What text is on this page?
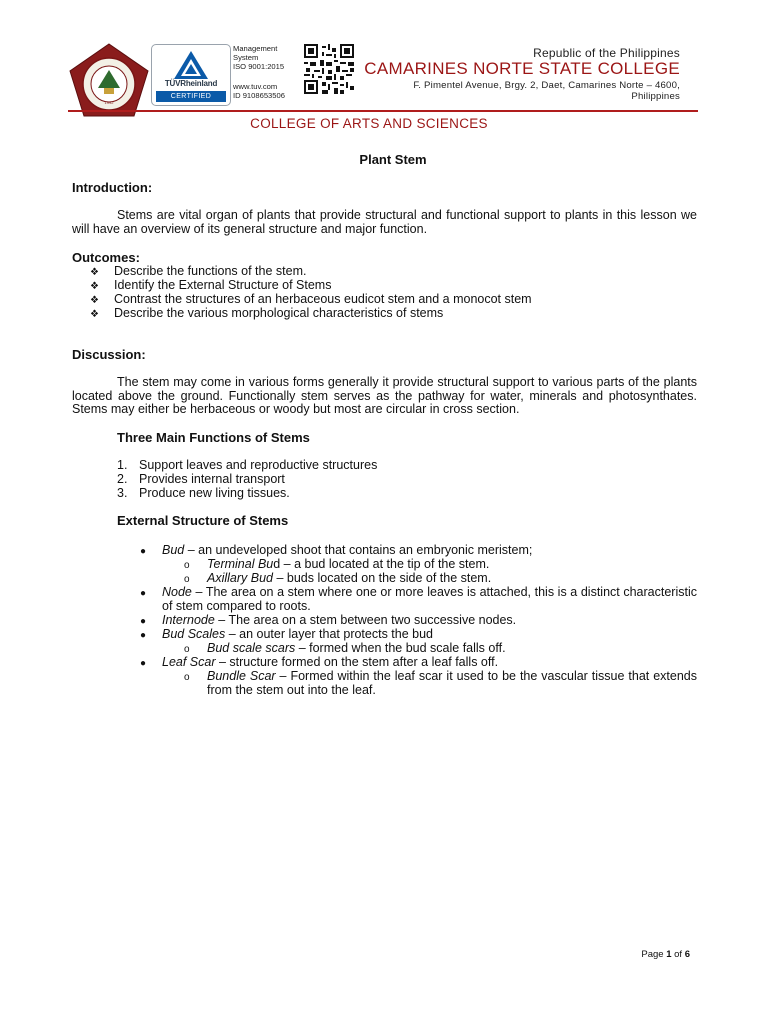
1992
TÜVRheinland
CERTIFIED
Management
System
ISO 9001:2015
www.tuv.com
ID 9108653506
Republic of the Philippines
CAMARINES NORTE STATE COLLEGE
F. Pimentel Avenue, Brgy. 2, Daet, Camarines Norte – 4600,
Philippines
COLLEGE OF ARTS AND SCIENCES
Plant Stem
Introduction:
Stems are vital organ of plants that provide structural and functional support to plants in this lesson we will have an overview of its general structure and major function.
Outcomes:
❖ Describe the functions of the stem.
❖ Identify the External Structure of Stems
❖ Contrast the structures of an herbaceous eudicot stem and a monocot stem
❖ Describe the various morphological characteristics of stems
Discussion:
The stem may come in various forms generally it provide structural support to various parts of the plants located above the ground. Functionally stem serves as the pathway for water, minerals and photosynthates. Stems may either be herbaceous or woody but most are circular in cross section.
Three Main Functions of Stems
1. Support leaves and reproductive structures
2. Provides internal transport
3. Produce new living tissues.
External Structure of Stems
● Bud – an undeveloped shoot that contains an embryonic meristem;
o Terminal Bud – a bud located at the tip of the stem.
o Axillary Bud – buds located on the side of the stem.
●	Node – The area on a stem where one or more leaves is attached, this is a distinct characteristic of stem compared to roots.
● Internode – The area on a stem between two successive nodes.
● Bud Scales – an outer layer that protects the bud
o Bud scale scars – formed when the bud scale falls off.
● Leaf Scar – structure formed on the stem after a leaf falls off.
o	Bundle Scar – Formed within the leaf scar it used to be the vascular tissue that extends from the stem out into the leaf.
Page 1 of 6
